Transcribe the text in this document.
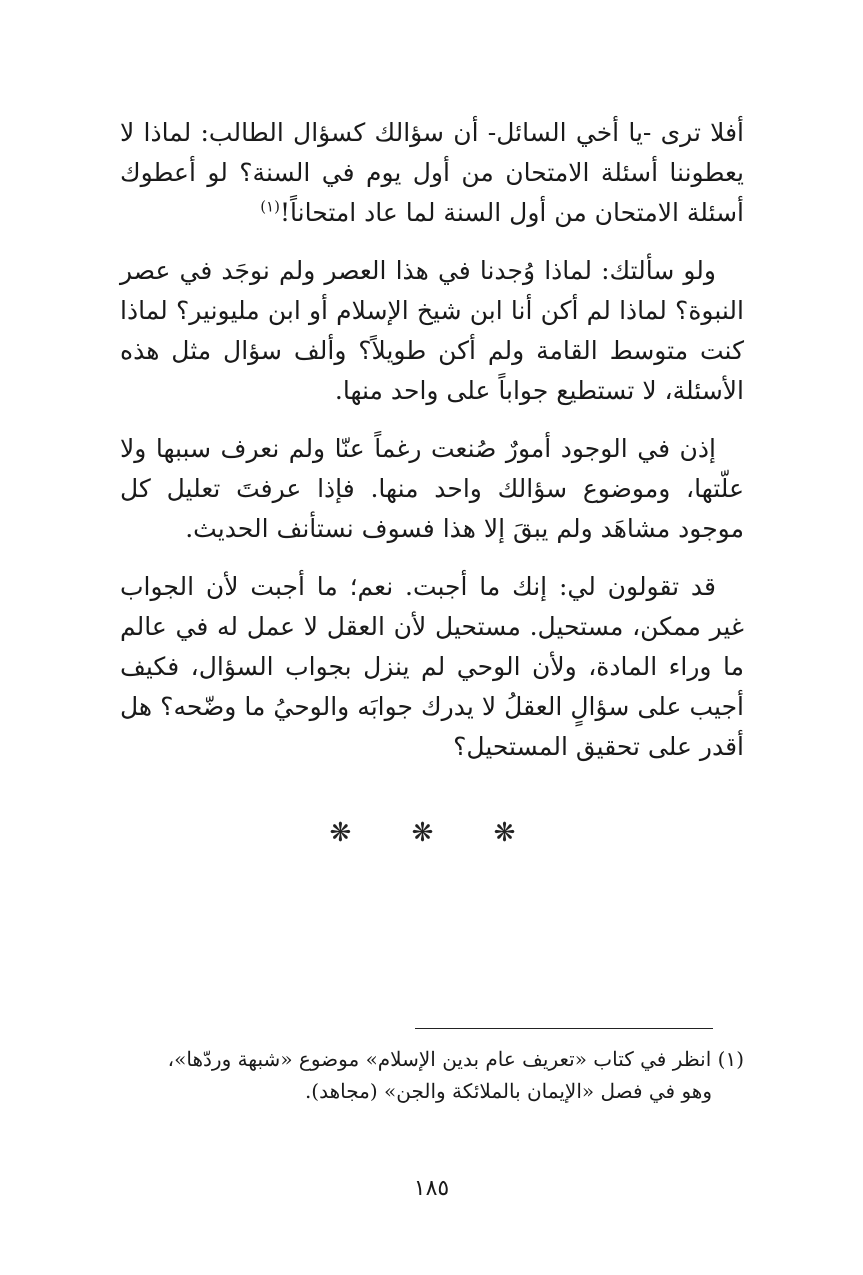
أفلا ترى -يا أخي السائل- أن سؤالك كسؤال الطالب: لماذا لا يعطوننا أسئلة الامتحان من أول يوم في السنة؟ لو أعطوك أسئلة الامتحان من أول السنة لما عاد امتحاناً!$^{(١)}$

ولو سألتك: لماذا وُجدنا في هذا العصر ولم نوجَد في عصر النبوة؟ لماذا لم أكن أنا ابن شيخ الإسلام أو ابن مليونير؟ لماذا كنت متوسط القامة ولم أكن طويلاً؟ وألف سؤال مثل هذه الأسئلة، لا تستطيع جواباً على واحد منها.

إذن في الوجود أمورٌ صُنعت رغماً عنّا ولم نعرف سببها ولا علّتها، وموضوع سؤالك واحد منها. فإذا عرفتَ تعليل كل موجود مشاهَد ولم يبقَ إلا هذا فسوف نستأنف الحديث.

قد تقولون لي: إنك ما أجبت. نعم؛ ما أجبت لأن الجواب غير ممكن، مستحيل. مستحيل لأن العقل لا عمل له في عالم ما وراء المادة، ولأن الوحي لم ينزل بجواب السؤال، فكيف أجيب على سؤالٍ العقلُ لا يدرك جوابَه والوحيُ ما وضّحه؟ هل أقدر على تحقيق المستحيل؟

❋ ❋ ❋
(١) انظر في كتاب «تعريف عام بدين الإسلام» موضوع «شبهة وردّها»،
وهو في فصل «الإيمان بالملائكة والجن» (مجاهد).
١٨٥
